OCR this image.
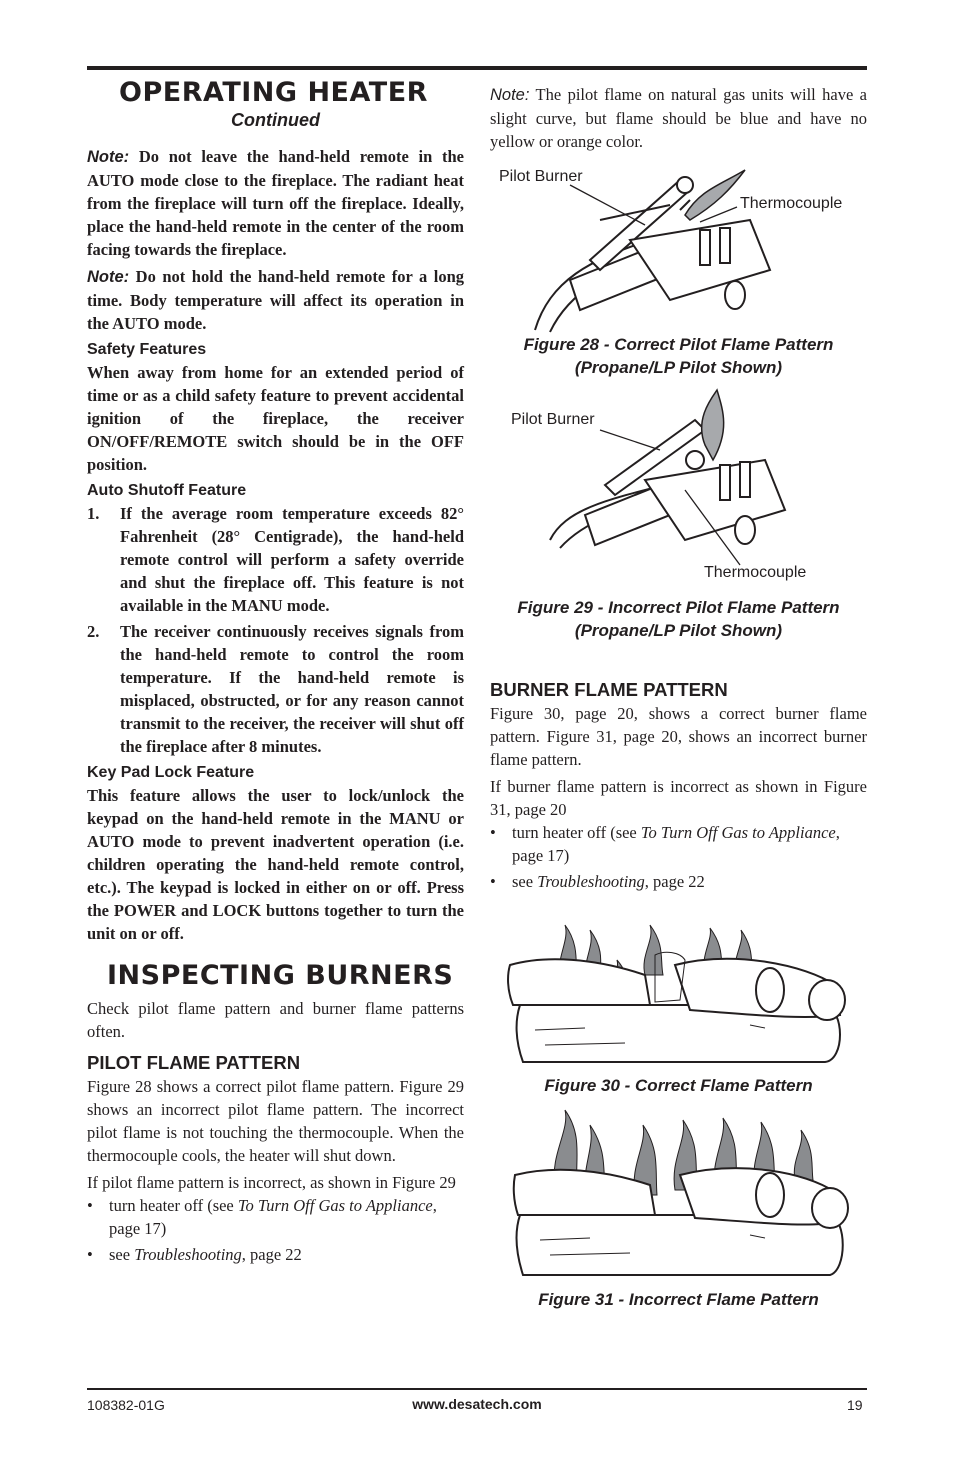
OPERATING HEATER
Continued

Note: Do not leave the hand-held remote in the AUTO mode close to the fireplace. The radiant heat from the fireplace will turn off the fireplace. Ideally, place the hand-held remote in the center of the room facing towards the fireplace.

Note: Do not hold the hand-held remote for a long time. Body temperature will affect its operation in the AUTO mode.

Safety Features

When away from home for an extended period of time or as a child safety feature to prevent accidental ignition of the fireplace, the receiver ON/OFF/REMOTE switch should be in the OFF position.

Auto Shutoff Feature
1. If the average room temperature exceeds 82° Fahrenheit (28° Centigrade), the hand-held remote control will perform a safety override and shut the fireplace off. This feature is not available in the MANU mode.
2. The receiver continuously receives signals from the hand-held remote to control the room temperature. If the hand-held remote is misplaced, obstructed, or for any reason cannot transmit to the receiver, the receiver will shut off the fireplace after 8 minutes.
Key Pad Lock Feature

This feature allows the user to lock/unlock the keypad on the hand-held remote in the MANU or AUTO mode to prevent inadvertent operation (i.e. children operating the hand-held remote control, etc.). The keypad is locked in either on or off. Press the POWER and LOCK buttons together to turn the unit on or off.

INSPECTING BURNERS

Check pilot flame pattern and burner flame patterns often.

PILOT FLAME PATTERN

Figure 28 shows a correct pilot flame pattern. Figure 29 shows an incorrect pilot flame pattern. The incorrect pilot flame is not touching the thermocouple. When the thermocouple cools, the heater will shut down.

If pilot flame pattern is incorrect, as shown in Figure 29

• turn heater off (see To Turn Off Gas to Appliance, page 17)
• see Troubleshooting, page 22

Note: The pilot flame on natural gas units will have a slight curve, but flame should be blue and have no yellow or orange color.

Pilot Burner
Thermocouple
Figure 28 - Correct Pilot Flame Pattern
(Propane/LP Pilot Shown)
Pilot Burner
Thermocouple
Figure 29 - Incorrect Pilot Flame Pattern
(Propane/LP Pilot Shown)
BURNER FLAME PATTERN

Figure 30, page 20, shows a correct burner flame pattern. Figure 31, page 20, shows an incorrect burner flame pattern.

If burner flame pattern is incorrect as shown in Figure 31, page 20

• turn heater off (see To Turn Off Gas to Appliance, page 17)
• see Troubleshooting, page 22
Figure 30 - Correct Flame Pattern
Figure 31 - Incorrect Flame Pattern
108382-01G	www.desatech.com	19
